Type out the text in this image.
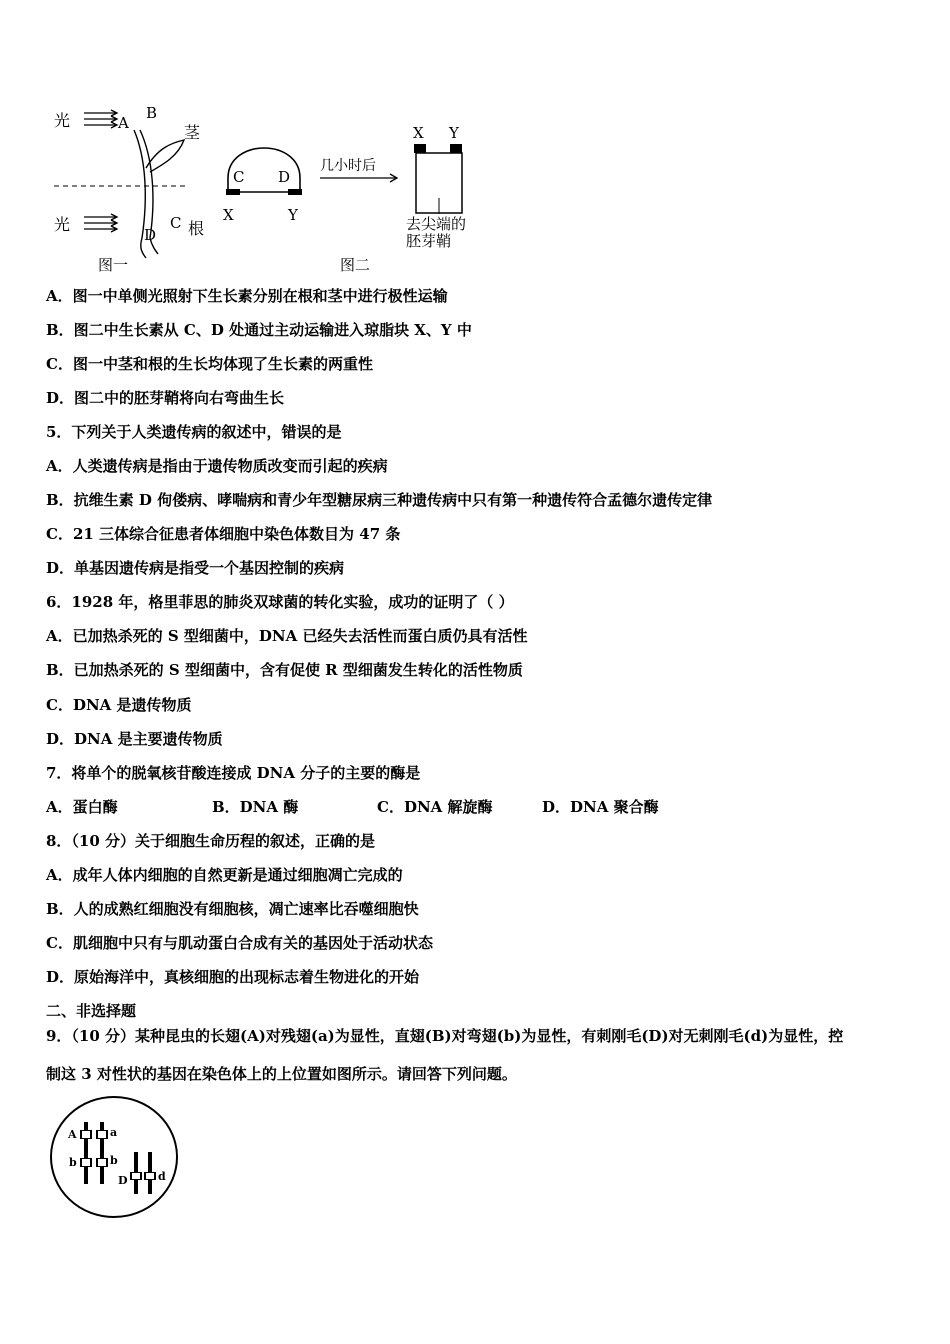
光	A
B
茎
光	C
D 根
图一
C D
X	Y
几小时后
X Y
去尖端的
胚芽鞘
图二
A．图一中单侧光照射下生长素分别在根和茎中进行极性运输
B．图二中生长素从 C、D 处通过主动运输进入琼脂块 X、Y 中
C．图一中茎和根的生长均体现了生长素的两重性
D．图二中的胚芽鞘将向右弯曲生长
5．下列关于人类遗传病的叙述中，错误的是
A．人类遗传病是指由于遗传物质改变而引起的疾病
B．抗维生素 D 佝偻病、哮喘病和青少年型糖尿病三种遗传病中只有第一种遗传符合孟德尔遗传定律
C．21 三体综合征患者体细胞中染色体数目为 47 条
D．单基因遗传病是指受一个基因控制的疾病
6．1928 年，格里菲思的肺炎双球菌的转化实验，成功的证明了（ ）
A．已加热杀死的 S 型细菌中，DNA 已经失去活性而蛋白质仍具有活性
B．已加热杀死的 S 型细菌中，含有促使 R 型细菌发生转化的活性物质
C．DNA 是遗传物质
D．DNA 是主要遗传物质
7．将单个的脱氧核苷酸连接成 DNA 分子的主要的酶是
A．蛋白酶	B．DNA 酶	C．DNA 解旋酶	D．DNA 聚合酶
8．（10 分）关于细胞生命历程的叙述，正确的是
A．成年人体内细胞的自然更新是通过细胞凋亡完成的
B．人的成熟红细胞没有细胞核，凋亡速率比吞噬细胞快
C．肌细胞中只有与肌动蛋白合成有关的基因处于活动状态
D．原始海洋中，真核细胞的出现标志着生物进化的开始
二、非选择题
9．（10 分）某种昆虫的长翅(A)对残翅(a)为显性，直翅(B)对弯翅(b)为显性，有刺刚毛(D)对无刺刚毛(d)为显性，控
制这 3 对性状的基因在染色体上的上位置如图所示。请回答下列问题。
A	a
b	b
D	d
